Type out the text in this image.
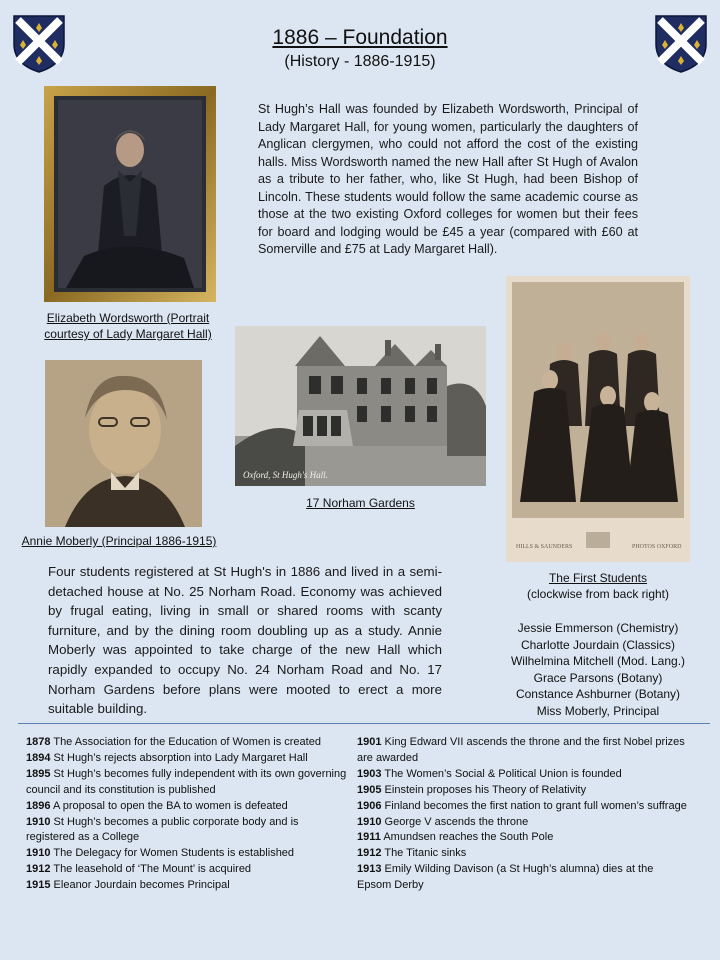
1886 – Foundation
(History - 1886-1915)
Elizabeth Wordsworth (Portrait courtesy of Lady Margaret Hall)
St Hugh’s Hall was founded by Elizabeth Wordsworth, Principal of Lady Margaret Hall, for young women, particularly the daughters of Anglican clergymen, who could not afford the cost of the existing halls. Miss Wordsworth named the new Hall after St Hugh of Avalon as a tribute to her father, who, like St Hugh, had been Bishop of Lincoln. These students would follow the same academic course as those at the two existing Oxford colleges for women but their fees for board and lodging would be £45 a year (compared with £60 at Somerville and £75 at Lady Margaret Hall).
Annie Moberly (Principal 1886-1915)
Oxford, St Hugh's Hall.
17 Norham Gardens
HILLS & SAUNDERS	PHOTOS OXFORD
The First Students
(clockwise from back right)
Jessie Emmerson (Chemistry)
Charlotte Jourdain (Classics)
Wilhelmina Mitchell (Mod. Lang.)
Grace Parsons (Botany)
Constance Ashburner (Botany)
Miss Moberly, Principal
Four students registered at St Hugh's in 1886 and lived in a semi-detached house at No. 25 Norham Road. Economy was achieved by frugal eating, living in small or shared rooms with scanty furniture, and by the dining room doubling up as a study. Annie Moberly was appointed to take charge of the new Hall which rapidly expanded to occupy No. 24 Norham Road and No. 17 Norham Gardens before plans were mooted to erect a more suitable building.
1878 The Association for the Education of Women is created
1894 St Hugh’s rejects absorption into Lady Margaret Hall
1895 St Hugh’s becomes fully independent with its own governing council and its constitution is published
1896 A proposal to open the BA to women is defeated
1910 St Hugh’s becomes a public corporate body and is registered as a College
1910 The Delegacy for Women Students is established
1912 The leasehold of ‘The Mount’ is acquired
1915 Eleanor Jourdain becomes Principal
1901 King Edward VII ascends the throne and the first Nobel prizes are awarded
1903 The Women’s Social & Political Union is founded
1905 Einstein proposes his Theory of Relativity
1906 Finland becomes the first nation to grant full women’s suffrage
1910 George V ascends the throne
1911 Amundsen reaches the South Pole
1912 The Titanic sinks
1913 Emily Wilding Davison (a St Hugh’s alumna) dies at the Epsom Derby
